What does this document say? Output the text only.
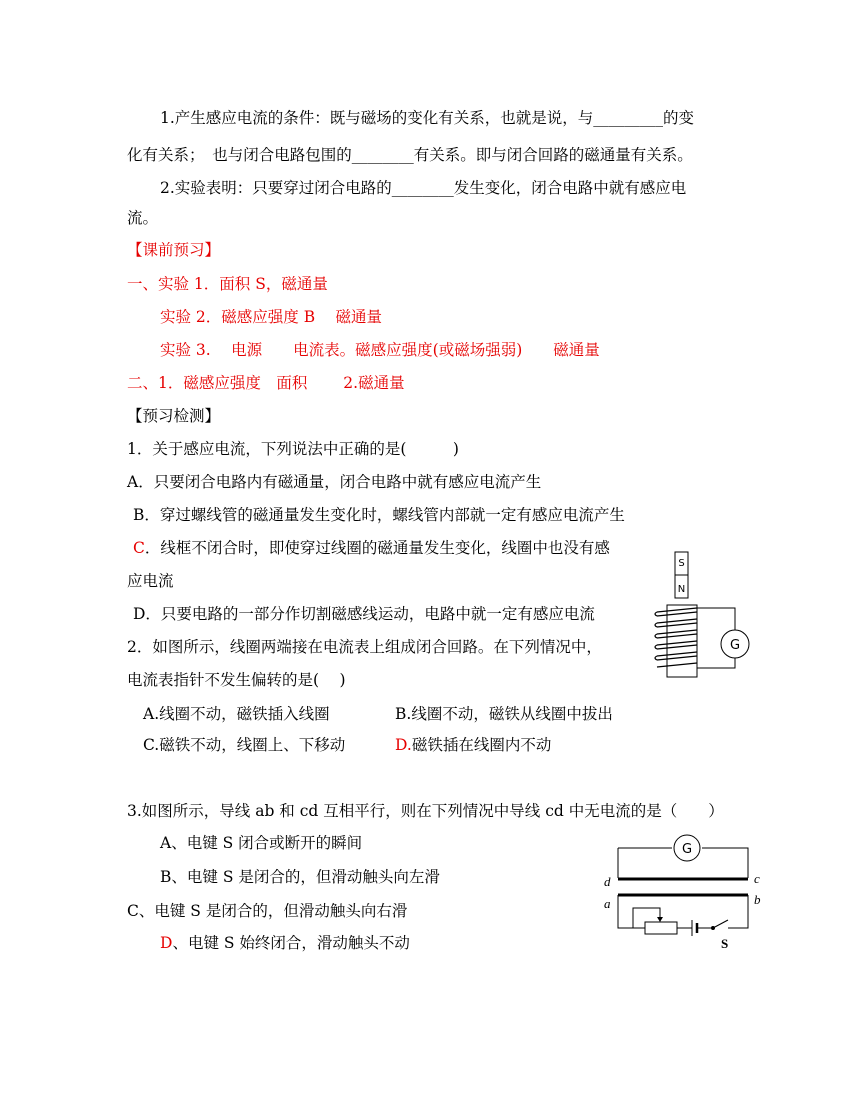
1.产生感应电流的条件：既与磁场的变化有关系，也就是说，与_________的变
化有关系；　也与闭合电路包围的________有关系。即与闭合回路的磁通量有关系。
2.实验表明：只要穿过闭合电路的________发生变化，闭合电路中就有感应电
流。
【课前预习】
一、实验 1．面积 S，磁通量
实验 2．磁感应强度 B　 磁通量
实验 3.　 电源　　电流表。磁感应强度(或磁场强弱)　　磁通量
二、1．磁感应强度　面积　　 2.磁通量
【预习检测】
1．关于感应电流，下列说法中正确的是(　　　)
A．只要闭合电路内有磁通量，闭合电路中就有感应电流产生
B．穿过螺线管的磁通量发生变化时，螺线管内部就一定有感应电流产生
C．线框不闭合时，即使穿过线圈的磁通量发生变化，线圈中也没有感
应电流
D．只要电路的一部分作切割磁感线运动，电路中就一定有感应电流
2．如图所示，线圈两端接在电流表上组成闭合回路。在下列情况中，
电流表指针不发生偏转的是(　 )
A.线圈不动，磁铁插入线圈	B.线圈不动，磁铁从线圈中拔出
C.磁铁不动，线圈上、下移动	D.磁铁插在线圈内不动
3.如图所示，导线 ab 和 cd 互相平行，则在下列情况中导线 cd 中无电流的是（　　）
A、电键 S 闭合或断开的瞬间
B、电键 S 是闭合的，但滑动触头向左滑
C、电键 S 是闭合的，但滑动触头向右滑
D、电键 S 始终闭合，滑动触头不动
S
N
G
G
d	c
a	b
S
